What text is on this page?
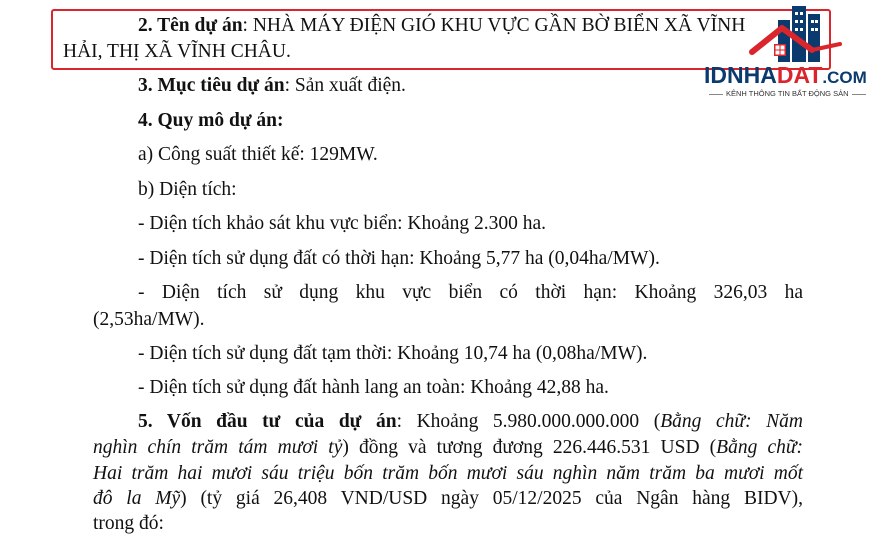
2. Tên dự án: NHÀ MÁY ĐIỆN GIÓ KHU VỰC GẦN BỜ BIỂN XÃ VĨNH
HẢI, THỊ XÃ VĨNH CHÂU.
3. Mục tiêu dự án: Sản xuất điện.
4. Quy mô dự án:
a) Công suất thiết kế: 129MW.
b) Diện tích:
- Diện tích khảo sát khu vực biển: Khoảng 2.300 ha.
- Diện tích sử dụng đất có thời hạn: Khoảng 5,77 ha (0,04ha/MW).
- Diện tích sử dụng khu vực biển có thời hạn: Khoảng 326,03 ha
(2,53ha/MW).
- Diện tích sử dụng đất tạm thời: Khoảng 10,74 ha (0,08ha/MW).
- Diện tích sử dụng đất hành lang an toàn: Khoảng 42,88 ha.
5. Vốn đầu tư của dự án: Khoảng 5.980.000.000.000 (Bằng chữ: Năm
nghìn chín trăm tám mươi tỷ) đồng và tương đương 226.446.531 USD (Bằng chữ:
Hai trăm hai mươi sáu triệu bốn trăm bốn mươi sáu nghìn năm trăm ba mươi mốt
đô la Mỹ) (tỷ giá 26,408 VND/USD ngày 05/12/2025 của Ngân hàng BIDV),
trong đó:
IDNHADAT.COM
KÊNH THÔNG TIN BẤT ĐỘNG SẢN
